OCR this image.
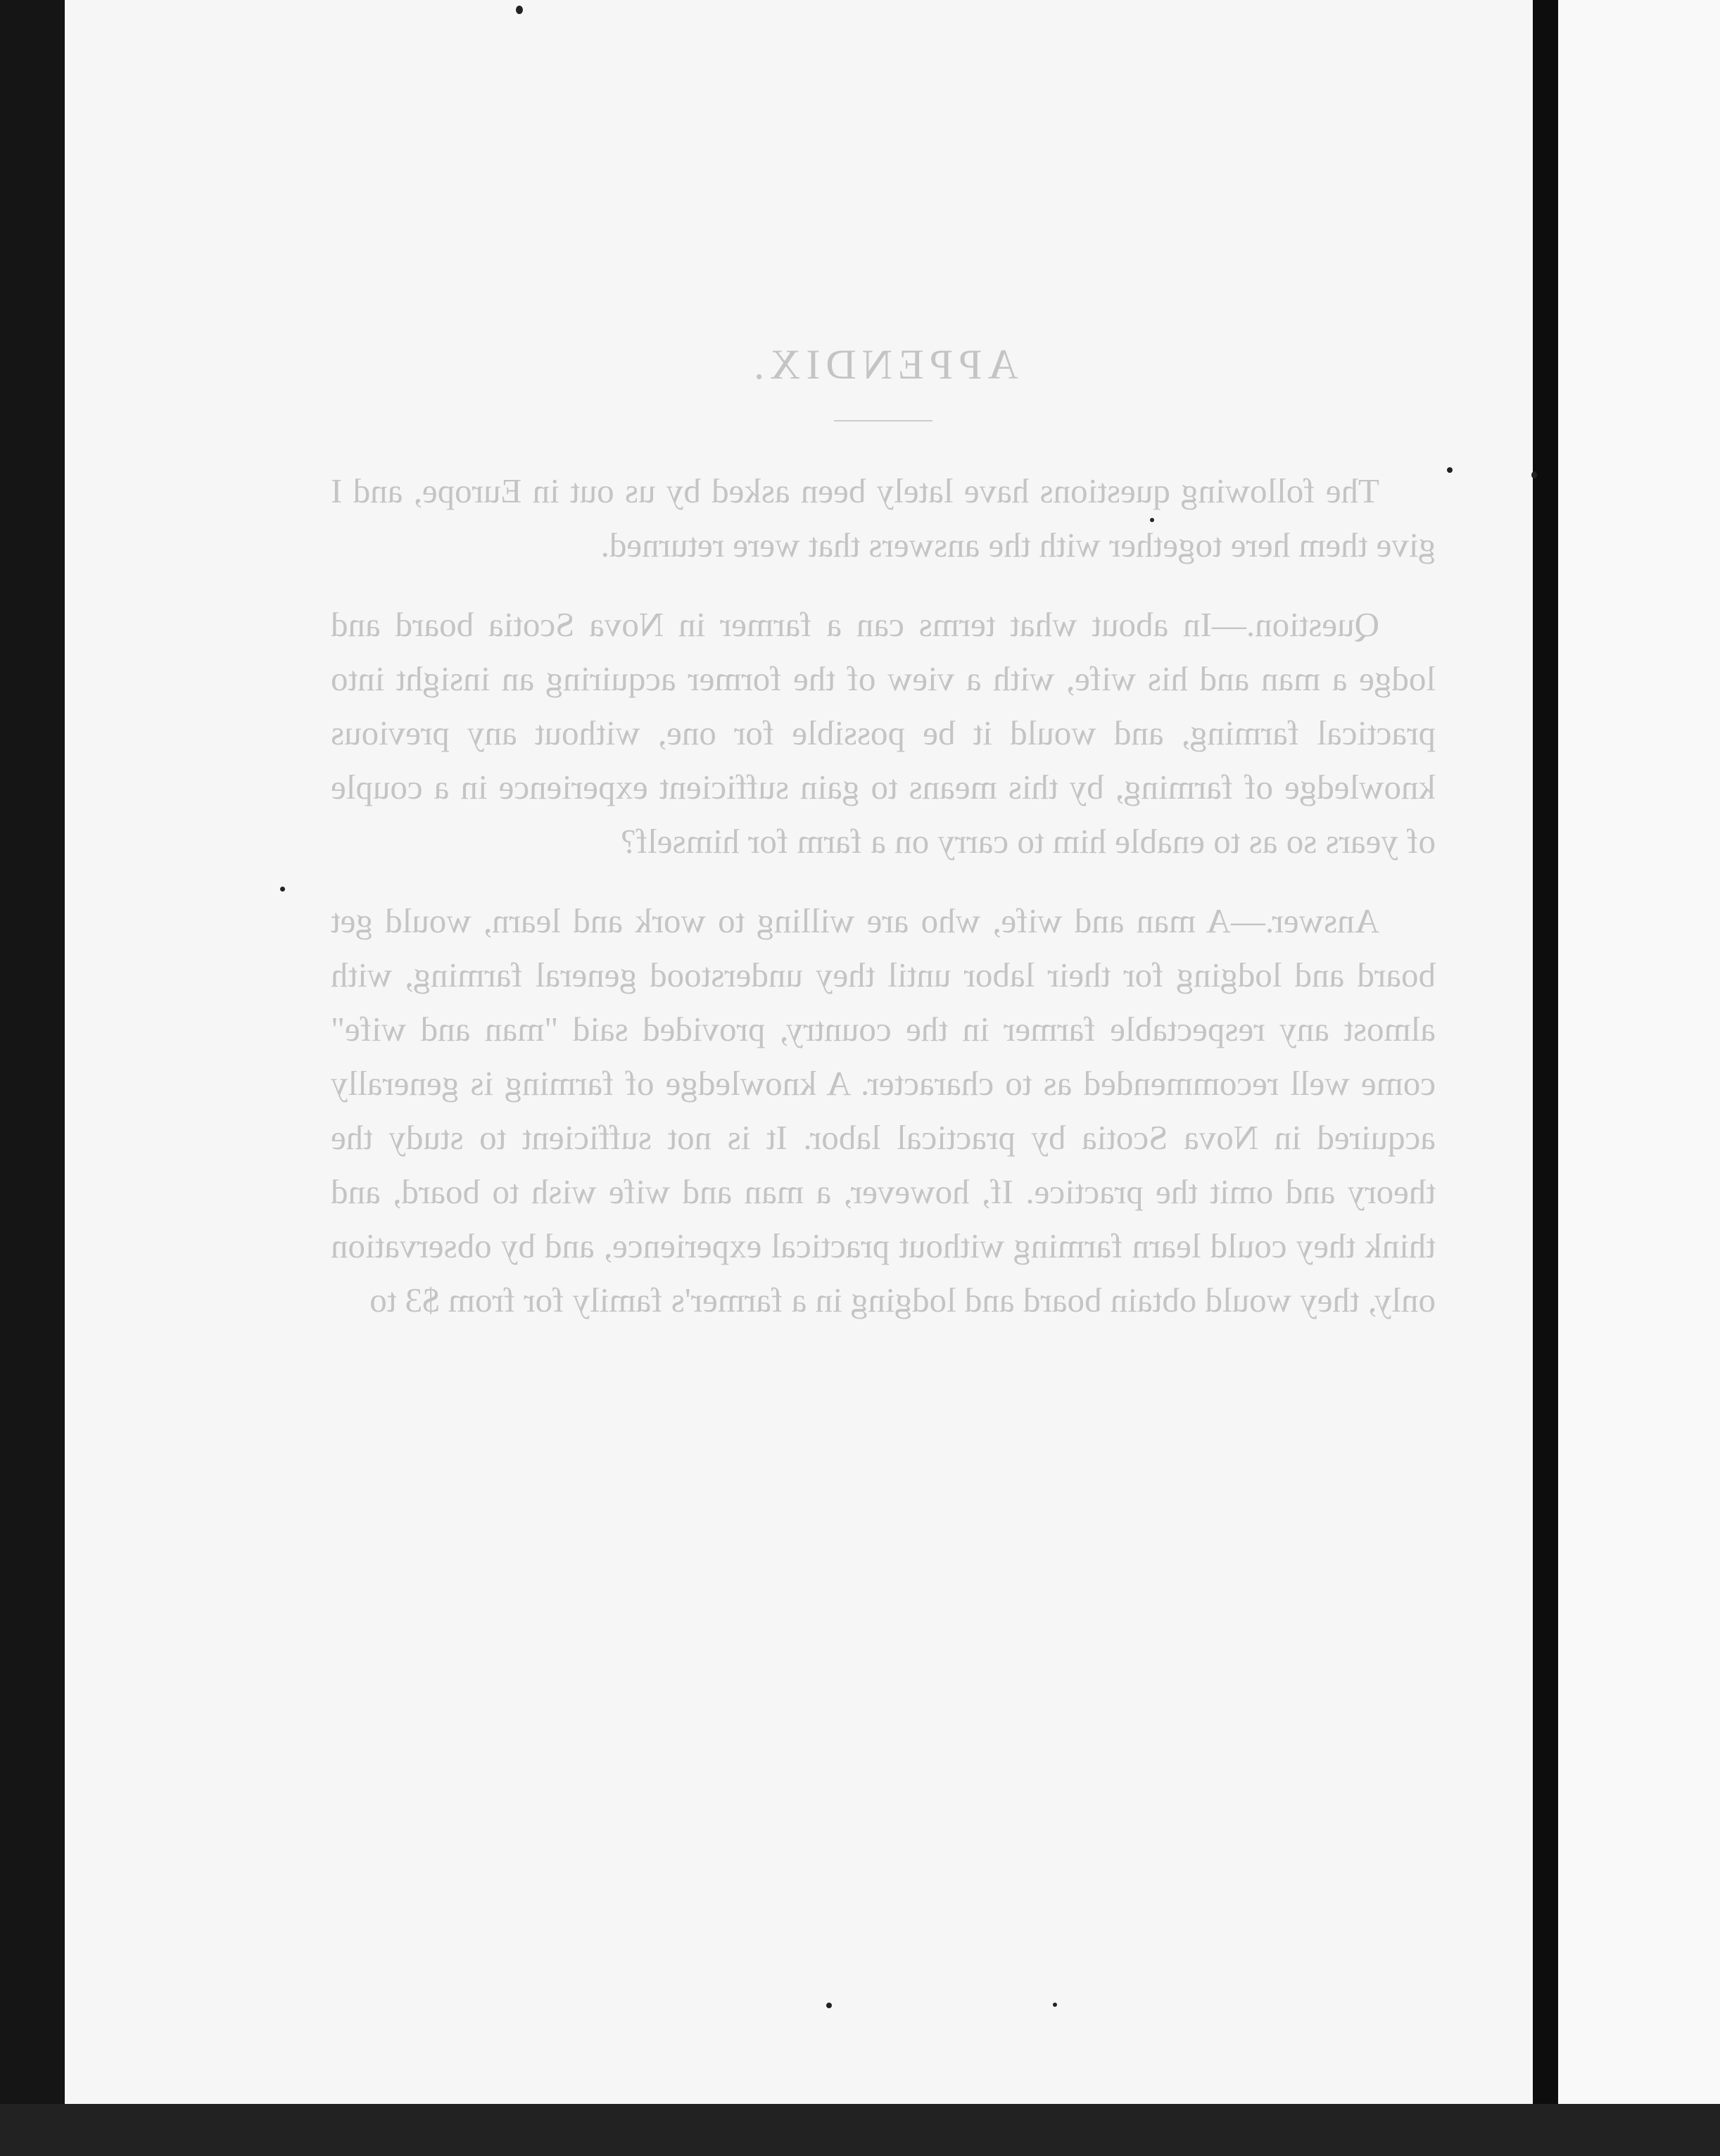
APPENDIX.

The following questions have lately been asked by us out in Europe, and I give them here together with the answers that were returned.

Question.—In about what terms can a farmer in Nova Scotia board and lodge a man and his wife, with a view of the former acquiring an insight into practical farming, and would it be possible for one, without any previous knowledge of farming, by this means to gain sufficient experience in a couple of years so as to enable him to carry on a farm for himself?

Answer.—A man and wife, who are willing to work and learn, would get board and lodging for their labor until they understood general farming, with almost any respectable farmer in the country, provided said "man and wife" come well recommended as to character. A knowledge of farming is generally acquired in Nova Scotia by practical labor. It is not sufficient to study the theory and omit the practice. If, however, a man and wife wish to board, and think they could learn farming without practical experience, and by observation only, they would obtain board and lodging in a farmer's family for from $3 to
